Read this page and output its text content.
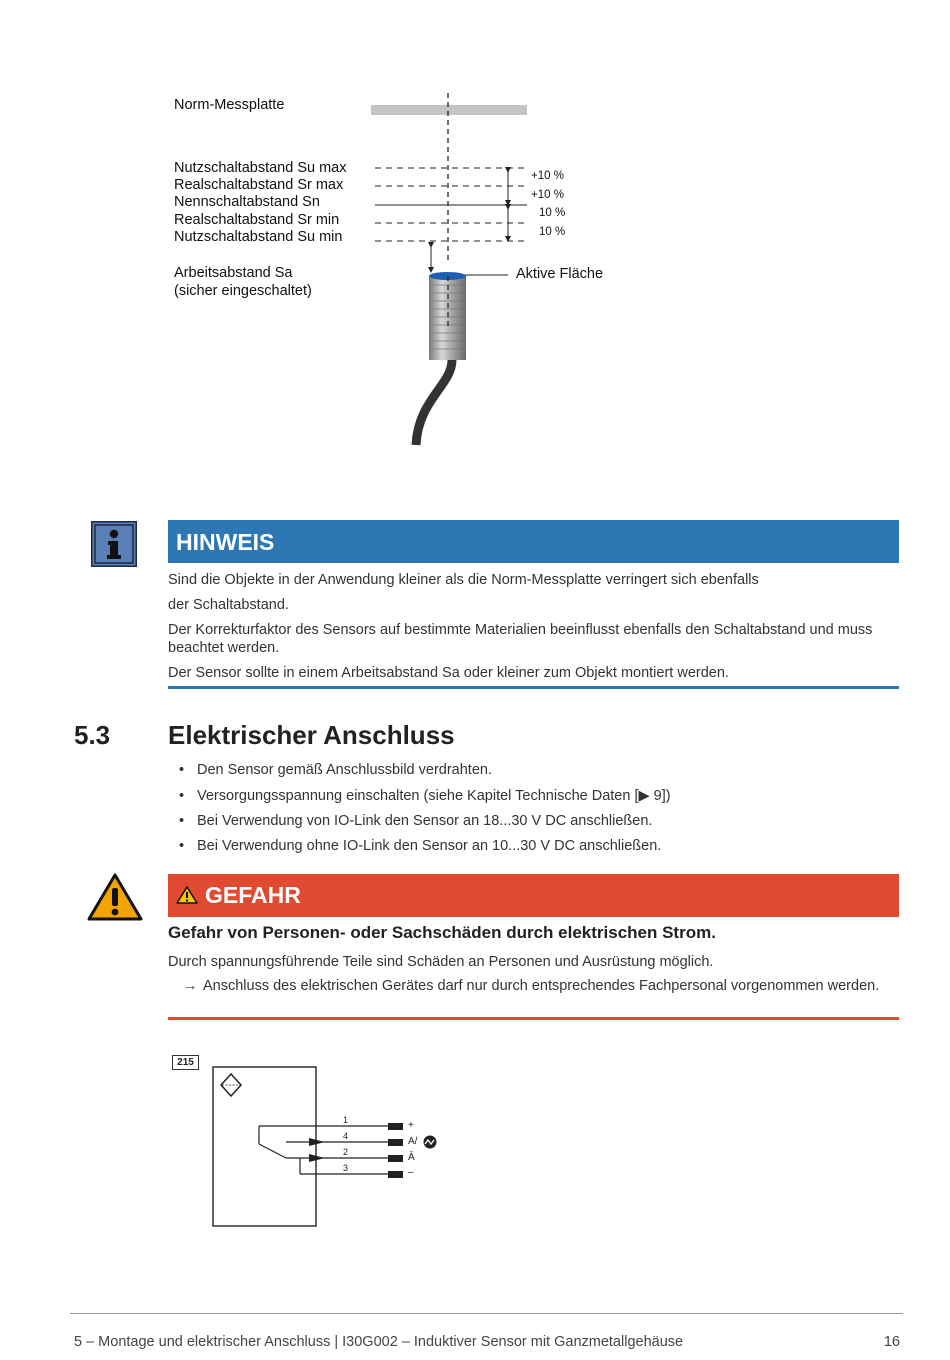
Norm-Messplatte
Nutzschaltabstand Su max
Realschaltabstand Sr max
Nennschaltabstand Sn
Realschaltabstand Sr min
Nutzschaltabstand Su min
Arbeitsabstand Sa
(sicher eingeschaltet)
+10 %
+10 %
10 %
10 %
Aktive Fläche
HINWEIS
Sind die Objekte in der Anwendung kleiner als die Norm-Messplatte verringert sich ebenfalls
der Schaltabstand.
Der Korrekturfaktor des Sensors auf bestimmte Materialien beeinflusst ebenfalls den Schaltabstand und muss beachtet werden.
Der Sensor sollte in einem Arbeitsabstand Sa oder kleiner zum Objekt montiert werden.
5.3 Elektrischer Anschluss
• Den Sensor gemäß Anschlussbild verdrahten.
• Versorgungsspannung einschalten (siehe Kapitel Technische Daten [▶ 9])
• Bei Verwendung von IO-Link den Sensor an 18...30 V DC anschließen.
• Bei Verwendung ohne IO-Link den Sensor an 10...30 V DC anschließen.
GEFAHR
Gefahr von Personen- oder Sachschäden durch elektrischen Strom.
Durch spannungsführende Teile sind Schäden an Personen und Ausrüstung möglich.
→ Anschluss des elektrischen Gerätes darf nur durch entsprechendes Fachpersonal vorgenommen werden.
215
1
4
2
3
+
A/
Ā
–
5 – Montage und elektrischer Anschluss | I30G002 – Induktiver Sensor mit Ganzmetallgehäuse	16
